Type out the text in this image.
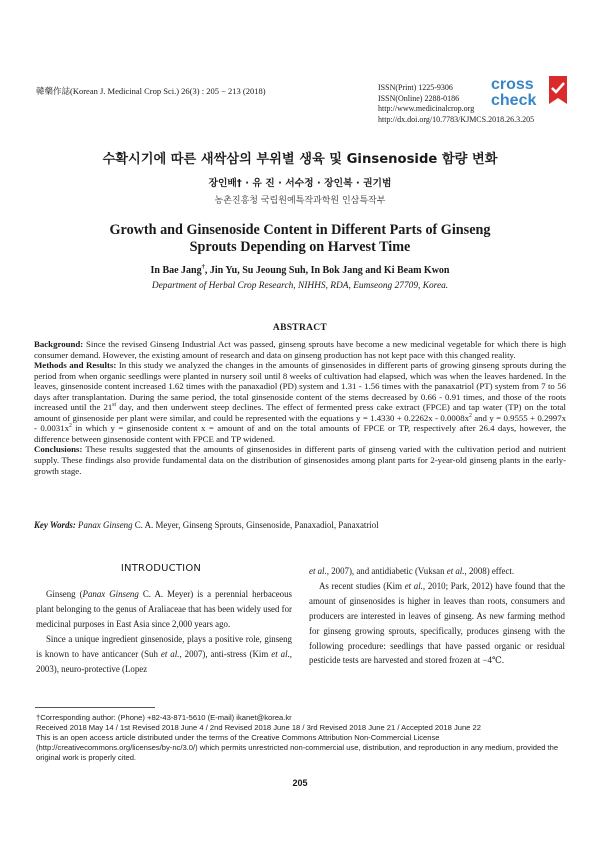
韓藥作誌(Korean J. Medicinal Crop Sci.) 26(3) : 205 − 213 (2018)	ISSN(Print) 1225-9306
ISSN(Online) 2288-0186
http://www.medicinalcrop.org
http://dx.doi.org/10.7783/KJMCS.2018.26.3.205
cross
check
수확시기에 따른 새싹삼의 부위별 생육 및 Ginsenoside 함량 변화
장인배† · 유 진 · 서수정 · 장인복 · 권기범
농촌진흥청 국립원예특작과학원 인삼특작부
Growth and Ginsenoside Content in Different Parts of Ginseng
Sprouts Depending on Harvest Time
In Bae Jang†, Jin Yu, Su Jeoung Suh, In Bok Jang and Ki Beam Kwon
Department of Herbal Crop Research, NIHHS, RDA, Eumseong 27709, Korea.
ABSTRACT

Background: Since the revised Ginseng Industrial Act was passed, ginseng sprouts have become a new medicinal vegetable for which there is high consumer demand. However, the existing amount of research and data on ginseng production has not kept pace with this changed reality.

Methods and Results: In this study we analyzed the changes in the amounts of ginsenosides in different parts of growing ginseng sprouts during the period from when organic seedlings were planted in nursery soil until 8 weeks of cultivation had elapsed, which was when the leaves hardened. In the leaves, ginsenoside content increased 1.62 times with the panaxadiol (PD) system and 1.31 - 1.56 times with the panaxatriol (PT) system from 7 to 56 days after transplantation. During the same period, the total ginsenoside content of the stems decreased by 0.66 - 0.91 times, and those of the roots increased until the 21st day, and then underwent steep declines. The effect of fermented press cake extract (FPCE) and tap water (TP) on the total amount of ginsenoside per plant were similar, and could be represented with the equations $y = 1.4330 + 0.2262x - 0.0008x^2$ and $y = 0.9555 + 0.2997x - 0.0031x^2$ in which y = ginsenoside content x = amount of and on the total amounts of FPCE or TP, respectively after 26.4 days, however, the difference between ginsenoside content with FPCE and TP widened.

Conclusions: These results suggested that the amounts of ginsenosides in different parts of ginseng varied with the cultivation period and nutrient supply. These findings also provide fundamental data on the distribution of ginsenosides among plant parts for 2-year-old ginseng plants in the early- growth stage.

Key Words: Panax Ginseng C. A. Meyer, Ginseng Sprouts, Ginsenoside, Panaxadiol, Panaxatriol
INTRODUCTION

Ginseng (Panax Ginseng C. A. Meyer) is a perennial herbaceous plant belonging to the genus of Araliaceae that has been widely used for medicinal purposes in East Asia since 2,000 years ago.

Since a unique ingredient ginsenoside, plays a positive role, ginseng is known to have anticancer (Suh et al., 2007), anti-stress (Kim et al., 2003), neuro-protective (Lopez

et al., 2007), and antidiabetic (Vuksan et al., 2008) effect.

As recent studies (Kim et al., 2010; Park, 2012) have found that the amount of ginsenosides is higher in leaves than roots, consumers and producers are interested in leaves of ginseng. As new farming method for ginseng growing sprouts, specifically, produces ginseng with the following procedure: seedlings that have passed organic or residual pesticide tests are harvested and stored frozen at −4℃.

†Corresponding author: (Phone) +82-43-871-5610 (E-mail) ikanet@korea.kr
Received 2018 May 14 / 1st Revised 2018 June 4 / 2nd Revised 2018 June 18 / 3rd Revised 2018 June 21 / Accepted 2018 June 22
This is an open access article distributed under the terms of the Creative Commons Attribution Non-Commercial License (http://creativecommons.org/licenses/by-nc/3.0/) which permits unrestricted non-commercial use, distribution, and reproduction in any medium, provided the original work is properly cited.
205
